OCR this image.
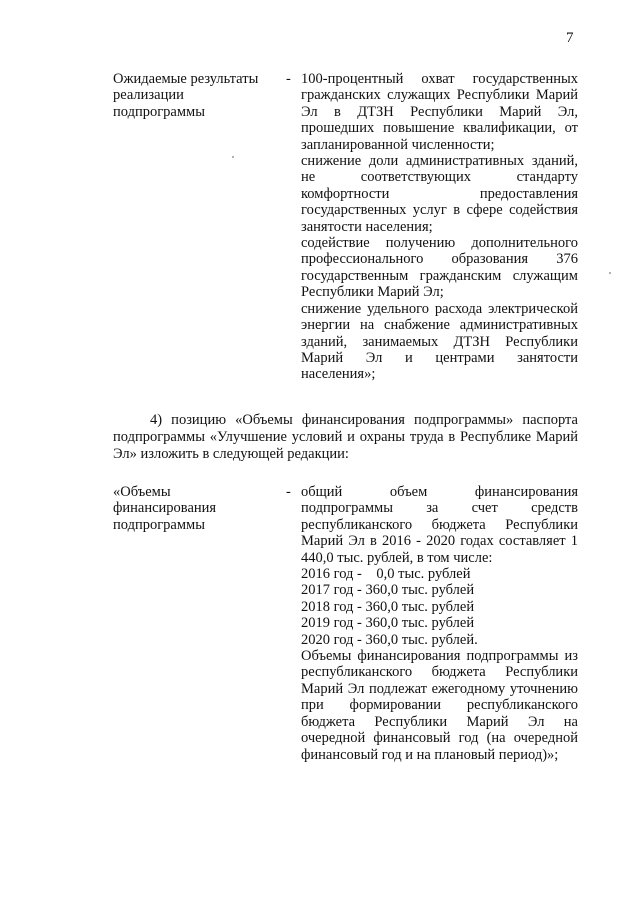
7
Ожидаемые результаты
реализации
подпрограммы
- 100-процентный охват государственных гражданских служащих Республики Марий Эл в ДТЗН Республики Марий Эл, прошедших повышение квалификации, от запланированной численности;
снижение доли административных зданий, не соответствующих стандарту комфортности предоставления государственных услуг в сфере содействия занятости населения;
содействие получению дополнительного профессионального образования 376 государственным гражданским служащим Республики Марий Эл;
снижение удельного расхода электрической энергии на снабжение административных зданий, занимаемых ДТЗН Республики Марий Эл и центрами занятости населения»;

4) позицию «Объемы финансирования подпрограммы» паспорта подпрограммы «Улучшение условий и охраны труда в Республике Марий Эл» изложить в следующей редакции:

«Объемы
финансирования
подпрограммы
- общий объем финансирования подпрограммы за счет средств республиканского бюджета Республики Марий Эл в 2016 - 2020 годах составляет 1 440,0 тыс. рублей, в том числе:
2016 год -    0,0 тыс. рублей
2017 год - 360,0 тыс. рублей
2018 год - 360,0 тыс. рублей
2019 год - 360,0 тыс. рублей
2020 год - 360,0 тыс. рублей.
Объемы финансирования подпрограммы из республиканского бюджета Республики Марий Эл подлежат ежегодному уточнению при формировании республиканского бюджета Республики Марий Эл на очередной финансовый год (на очередной финансовый год и на плановый период)»;
